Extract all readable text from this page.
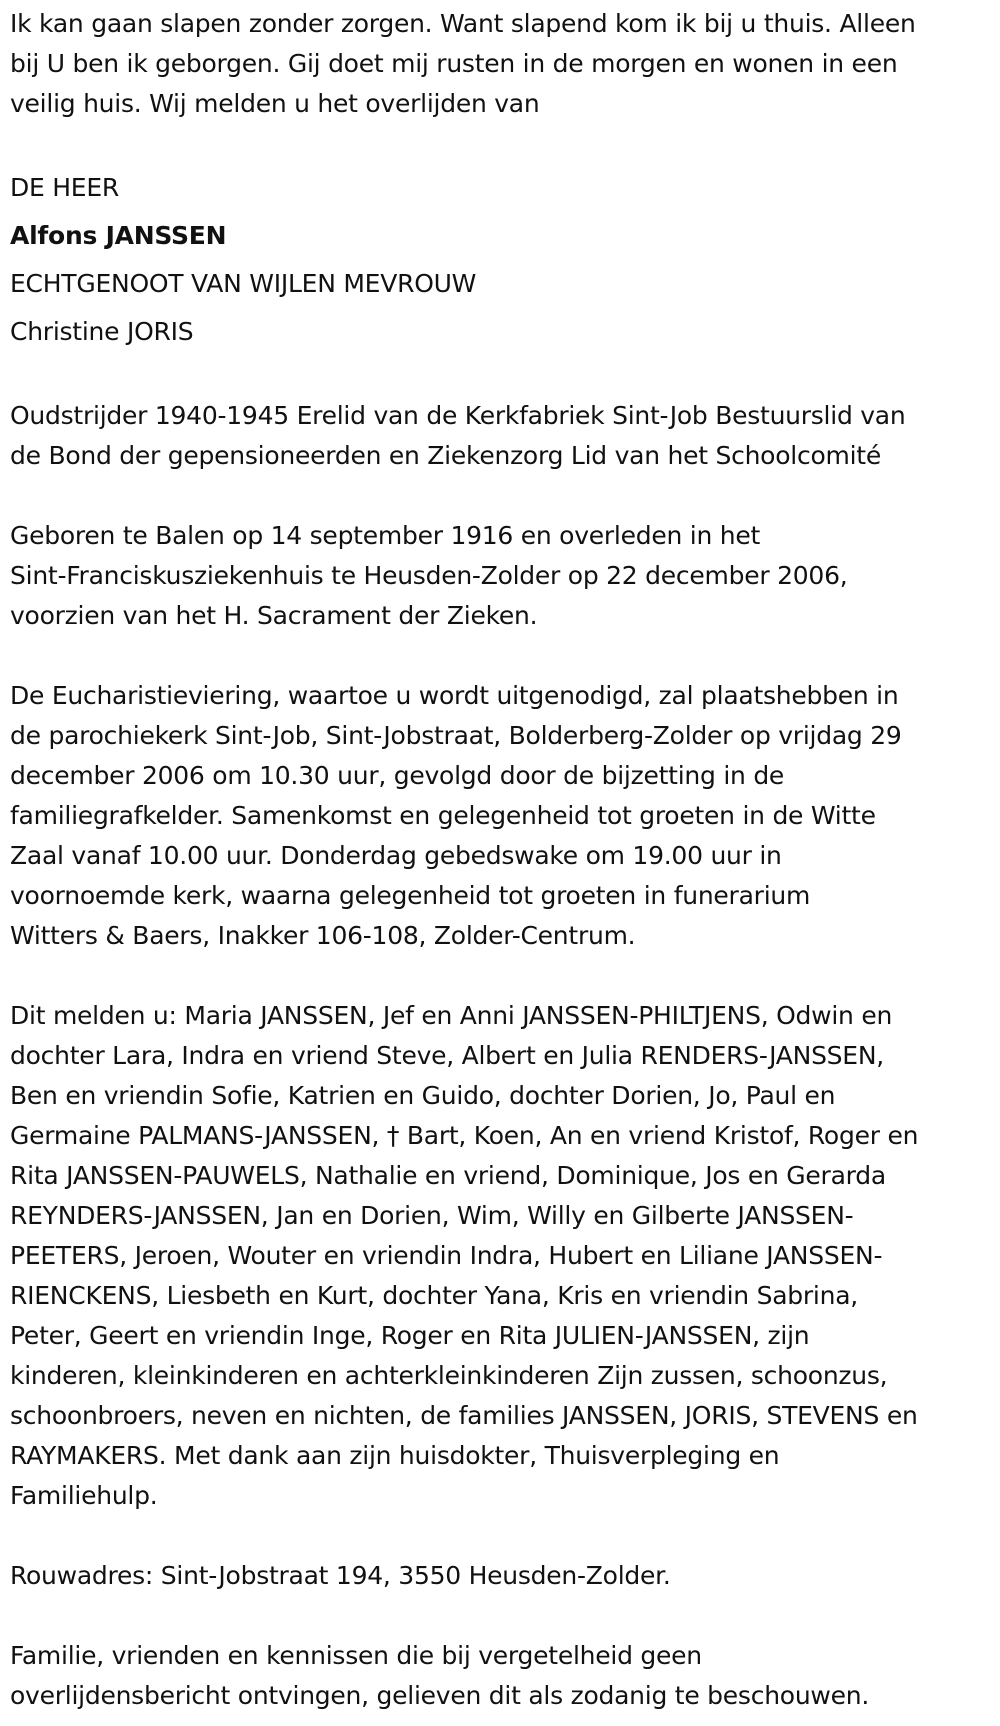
Ik kan gaan slapen zonder zorgen. Want slapend kom ik bij u thuis. Alleen
bij U ben ik geborgen. Gij doet mij rusten in de morgen en wonen in een
veilig huis. Wij melden u het overlijden van

DE HEER
Alfons JANSSEN
ECHTGENOOT VAN WIJLEN MEVROUW
Christine JORIS

Oudstrijder 1940-1945 Erelid van de Kerkfabriek Sint-Job Bestuurslid van
de Bond der gepensioneerden en Ziekenzorg Lid van het Schoolcomité

Geboren te Balen op 14 september 1916 en overleden in het
Sint-Franciskusziekenhuis te Heusden-Zolder op 22 december 2006,
voorzien van het H. Sacrament der Zieken.

De Eucharistieviering, waartoe u wordt uitgenodigd, zal plaatshebben in
de parochiekerk Sint-Job, Sint-Jobstraat, Bolderberg-Zolder op vrijdag 29
december 2006 om 10.30 uur, gevolgd door de bijzetting in de
familiegrafkelder. Samenkomst en gelegenheid tot groeten in de Witte
Zaal vanaf 10.00 uur. Donderdag gebedswake om 19.00 uur in
voornoemde kerk, waarna gelegenheid tot groeten in funerarium
Witters & Baers, Inakker 106-108, Zolder-Centrum.

Dit melden u: Maria JANSSEN, Jef en Anni JANSSEN-PHILTJENS, Odwin en
dochter Lara, Indra en vriend Steve, Albert en Julia RENDERS-JANSSEN,
Ben en vriendin Sofie, Katrien en Guido, dochter Dorien, Jo, Paul en
Germaine PALMANS-JANSSEN, † Bart, Koen, An en vriend Kristof, Roger en
Rita JANSSEN-PAUWELS, Nathalie en vriend, Dominique, Jos en Gerarda
REYNDERS-JANSSEN, Jan en Dorien, Wim, Willy en Gilberte JANSSEN-
PEETERS, Jeroen, Wouter en vriendin Indra, Hubert en Liliane JANSSEN-
RIENCKENS, Liesbeth en Kurt, dochter Yana, Kris en vriendin Sabrina,
Peter, Geert en vriendin Inge, Roger en Rita JULIEN-JANSSEN, zijn
kinderen, kleinkinderen en achterkleinkinderen Zijn zussen, schoonzus,
schoonbroers, neven en nichten, de families JANSSEN, JORIS, STEVENS en
RAYMAKERS. Met dank aan zijn huisdokter, Thuisverpleging en
Familiehulp.

Rouwadres: Sint-Jobstraat 194, 3550 Heusden-Zolder.

Familie, vrienden en kennissen die bij vergetelheid geen
overlijdensbericht ontvingen, gelieven dit als zodanig te beschouwen.
